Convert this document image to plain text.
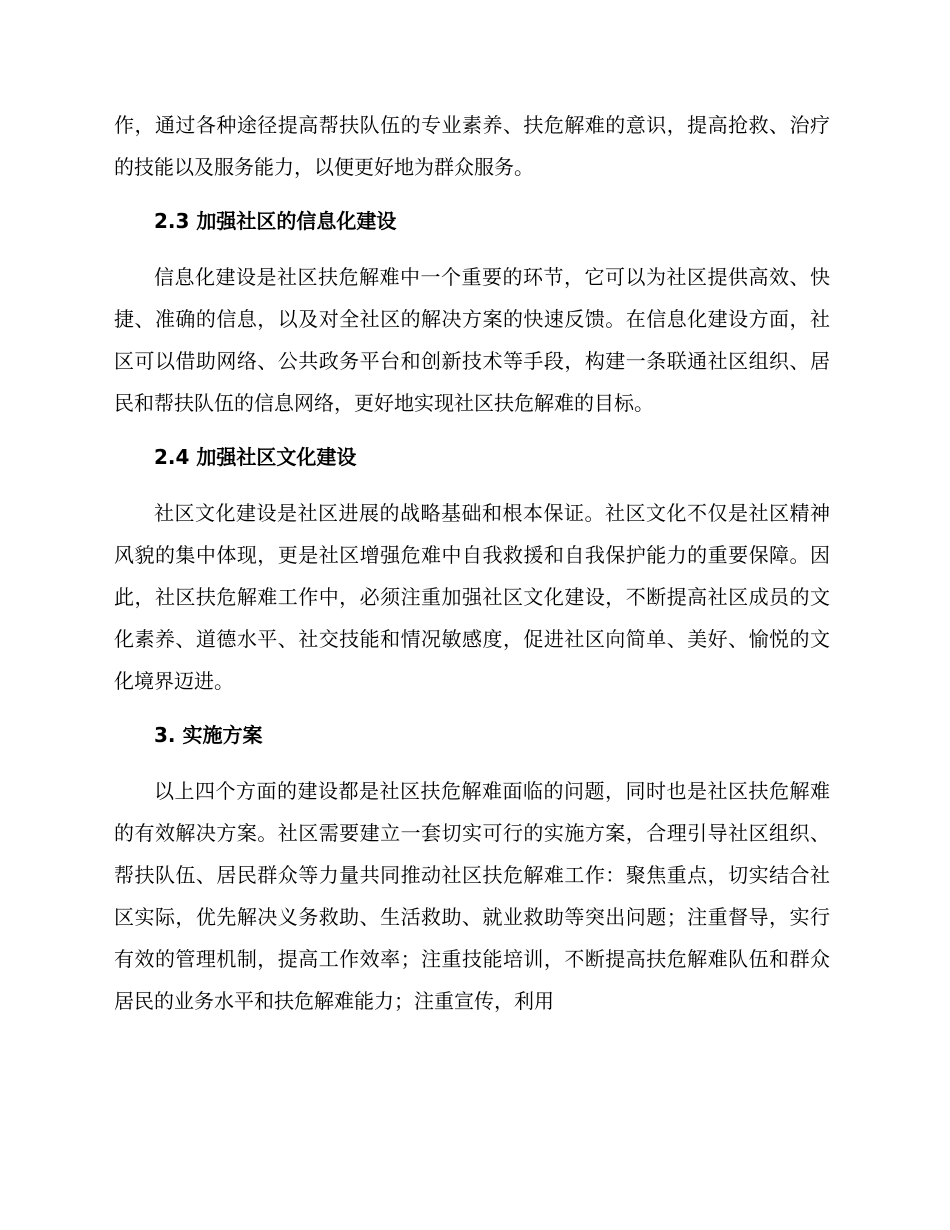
作，通过各种途径提高帮扶队伍的专业素养、扶危解难的意识，提高抢救、治疗的技能以及服务能力，以便更好地为群众服务。

2.3 加强社区的信息化建设

信息化建设是社区扶危解难中一个重要的环节，它可以为社区提供高效、快捷、准确的信息，以及对全社区的解决方案的快速反馈。在信息化建设方面，社区可以借助网络、公共政务平台和创新技术等手段，构建一条联通社区组织、居民和帮扶队伍的信息网络，更好地实现社区扶危解难的目标。

2.4 加强社区文化建设

社区文化建设是社区进展的战略基础和根本保证。社区文化不仅是社区精神风貌的集中体现，更是社区增强危难中自我救援和自我保护能力的重要保障。因此，社区扶危解难工作中，必须注重加强社区文化建设，不断提高社区成员的文化素养、道德水平、社交技能和情况敏感度，促进社区向简单、美好、愉悦的文化境界迈进。

3. 实施方案

以上四个方面的建设都是社区扶危解难面临的问题，同时也是社区扶危解难的有效解决方案。社区需要建立一套切实可行的实施方案，合理引导社区组织、帮扶队伍、居民群众等力量共同推动社区扶危解难工作：聚焦重点，切实结合社区实际，优先解决义务救助、生活救助、就业救助等突出问题；注重督导，实行有效的管理机制，提高工作效率；注重技能培训，不断提高扶危解难队伍和群众居民的业务水平和扶危解难能力；注重宣传，利用
